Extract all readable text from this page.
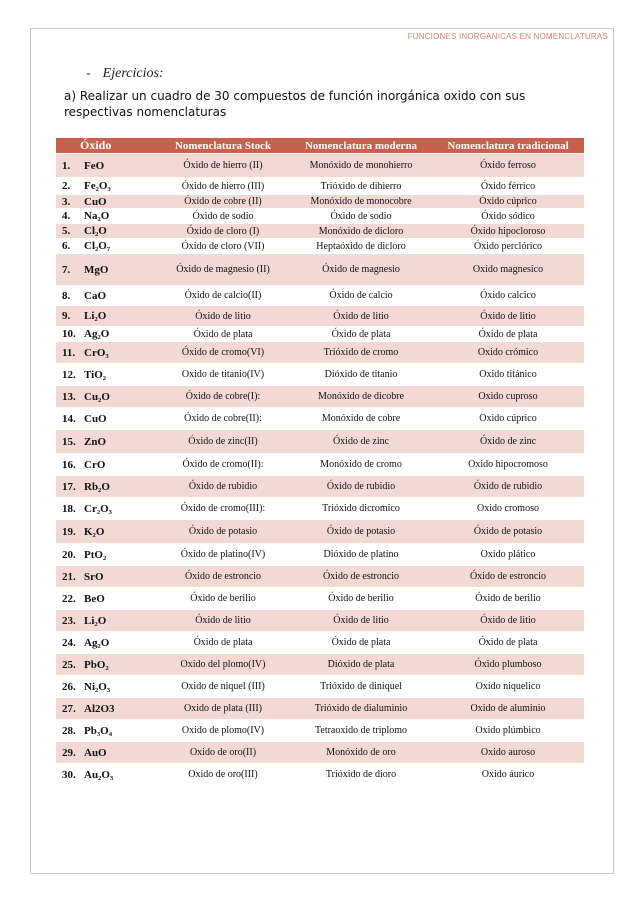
FUNCIONES INORGANICAS EN NOMENCLATURAS
- Ejercicios:
a) Realizar un cuadro de 30 compuestos de función inorgánica oxido con sus respectivas nomenclaturas
Óxido	Nomenclatura Stock	Nomenclatura moderna	Nomenclatura tradicional
1. FeO	Óxido de hierro (II)	Monóxido de monohierro	Óxido ferroso
2. Fe₂O₃	Óxido de hierro (III)	Trióxido de dihierro	Óxido férrico
3. CuO	Óxido de cobre (II)	Monóxido de monocobre	Óxido cúprico
4. Na₂O	Óxido de sodio	Óxido de sodio	Óxido sódico
5. Cl₂O	Óxido de cloro (I)	Monóxido de dicloro	Óxido hipocloroso
6. Cl₂O₇	Óxido de cloro (VII)	Heptaóxido de dicloro	Óxido perclórico
7. MgO	Óxido de magnesio (II)	Óxido de magnesio	Oxido magnesico
8. CaO	Óxido de calcio(II)	Óxido de calcio	Óxido calcico
9. Li₂O	Óxido de litio	Óxido de litio	Óxido de litio
10. Ag₂O	Óxido de plata	Óxido de plata	Óxido de plata
11. CrO₃	Óxido de cromo(VI)	Trióxido de cromo	Oxido crómico
12. TiO₂	Oxido de titanio(IV)	Dióxido de titanio	Oxido titánico
13. Cu₂O	Óxido de cobre(I):	Monóxido de dicobre	Oxido cuproso
14. CuO	Óxido de cobre(II):	Monóxido de cobre	Oxido cúprico
15. ZnO	Óxido de zinc(II)	Óxido de zinc	Óxido de zinc
16. CrO	Óxido de cromo(II):	Monóxido de cromo	Oxido hipocromoso
17. Rb₂O	Óxido de rubidio	Óxido de rubidio	Óxido de rubidio
18. Cr₂O₃	Óxido de cromo(III):	Trióxido dicromico	Oxido cromoso
19. K₂O	Óxido de potasio	Óxido de potasio	Óxido de potasio
20. PtO₂	Óxido de platino(IV)	Dióxido de platino	Oxido plático
21. SrO	Óxido de estroncio	Óxido de estroncio	Óxido de estroncio
22. BeO	Óxido de berilio	Óxido de berilio	Óxido de berilio
23. Li₂O	Óxido de litio	Óxido de litio	Óxido de litio
24. Ag₂O	Óxido de plata	Óxido de plata	Óxido de plata
25. PbO₂	Oxido del plomo(IV)	Dióxido de plata	Óxido plumboso
26. Ni₂O₃	Oxido de niquel (III)	Trióxido de diniquel	Oxido niquelico
27. Al2O3	Oxido de plata (III)	Trióxido de dialuminio	Oxido de aluminio
28. Pb₃O₄	Oxido de plomo(IV)	Tetraoxido de triplomo	Oxido plúmbico
29. AuO	Oxido de oro(II)	Monóxido de oro	Oxido auroso
30. Au₂O₃	Oxido de oro(III)	Trióxido de dioro	Oxido áurico
